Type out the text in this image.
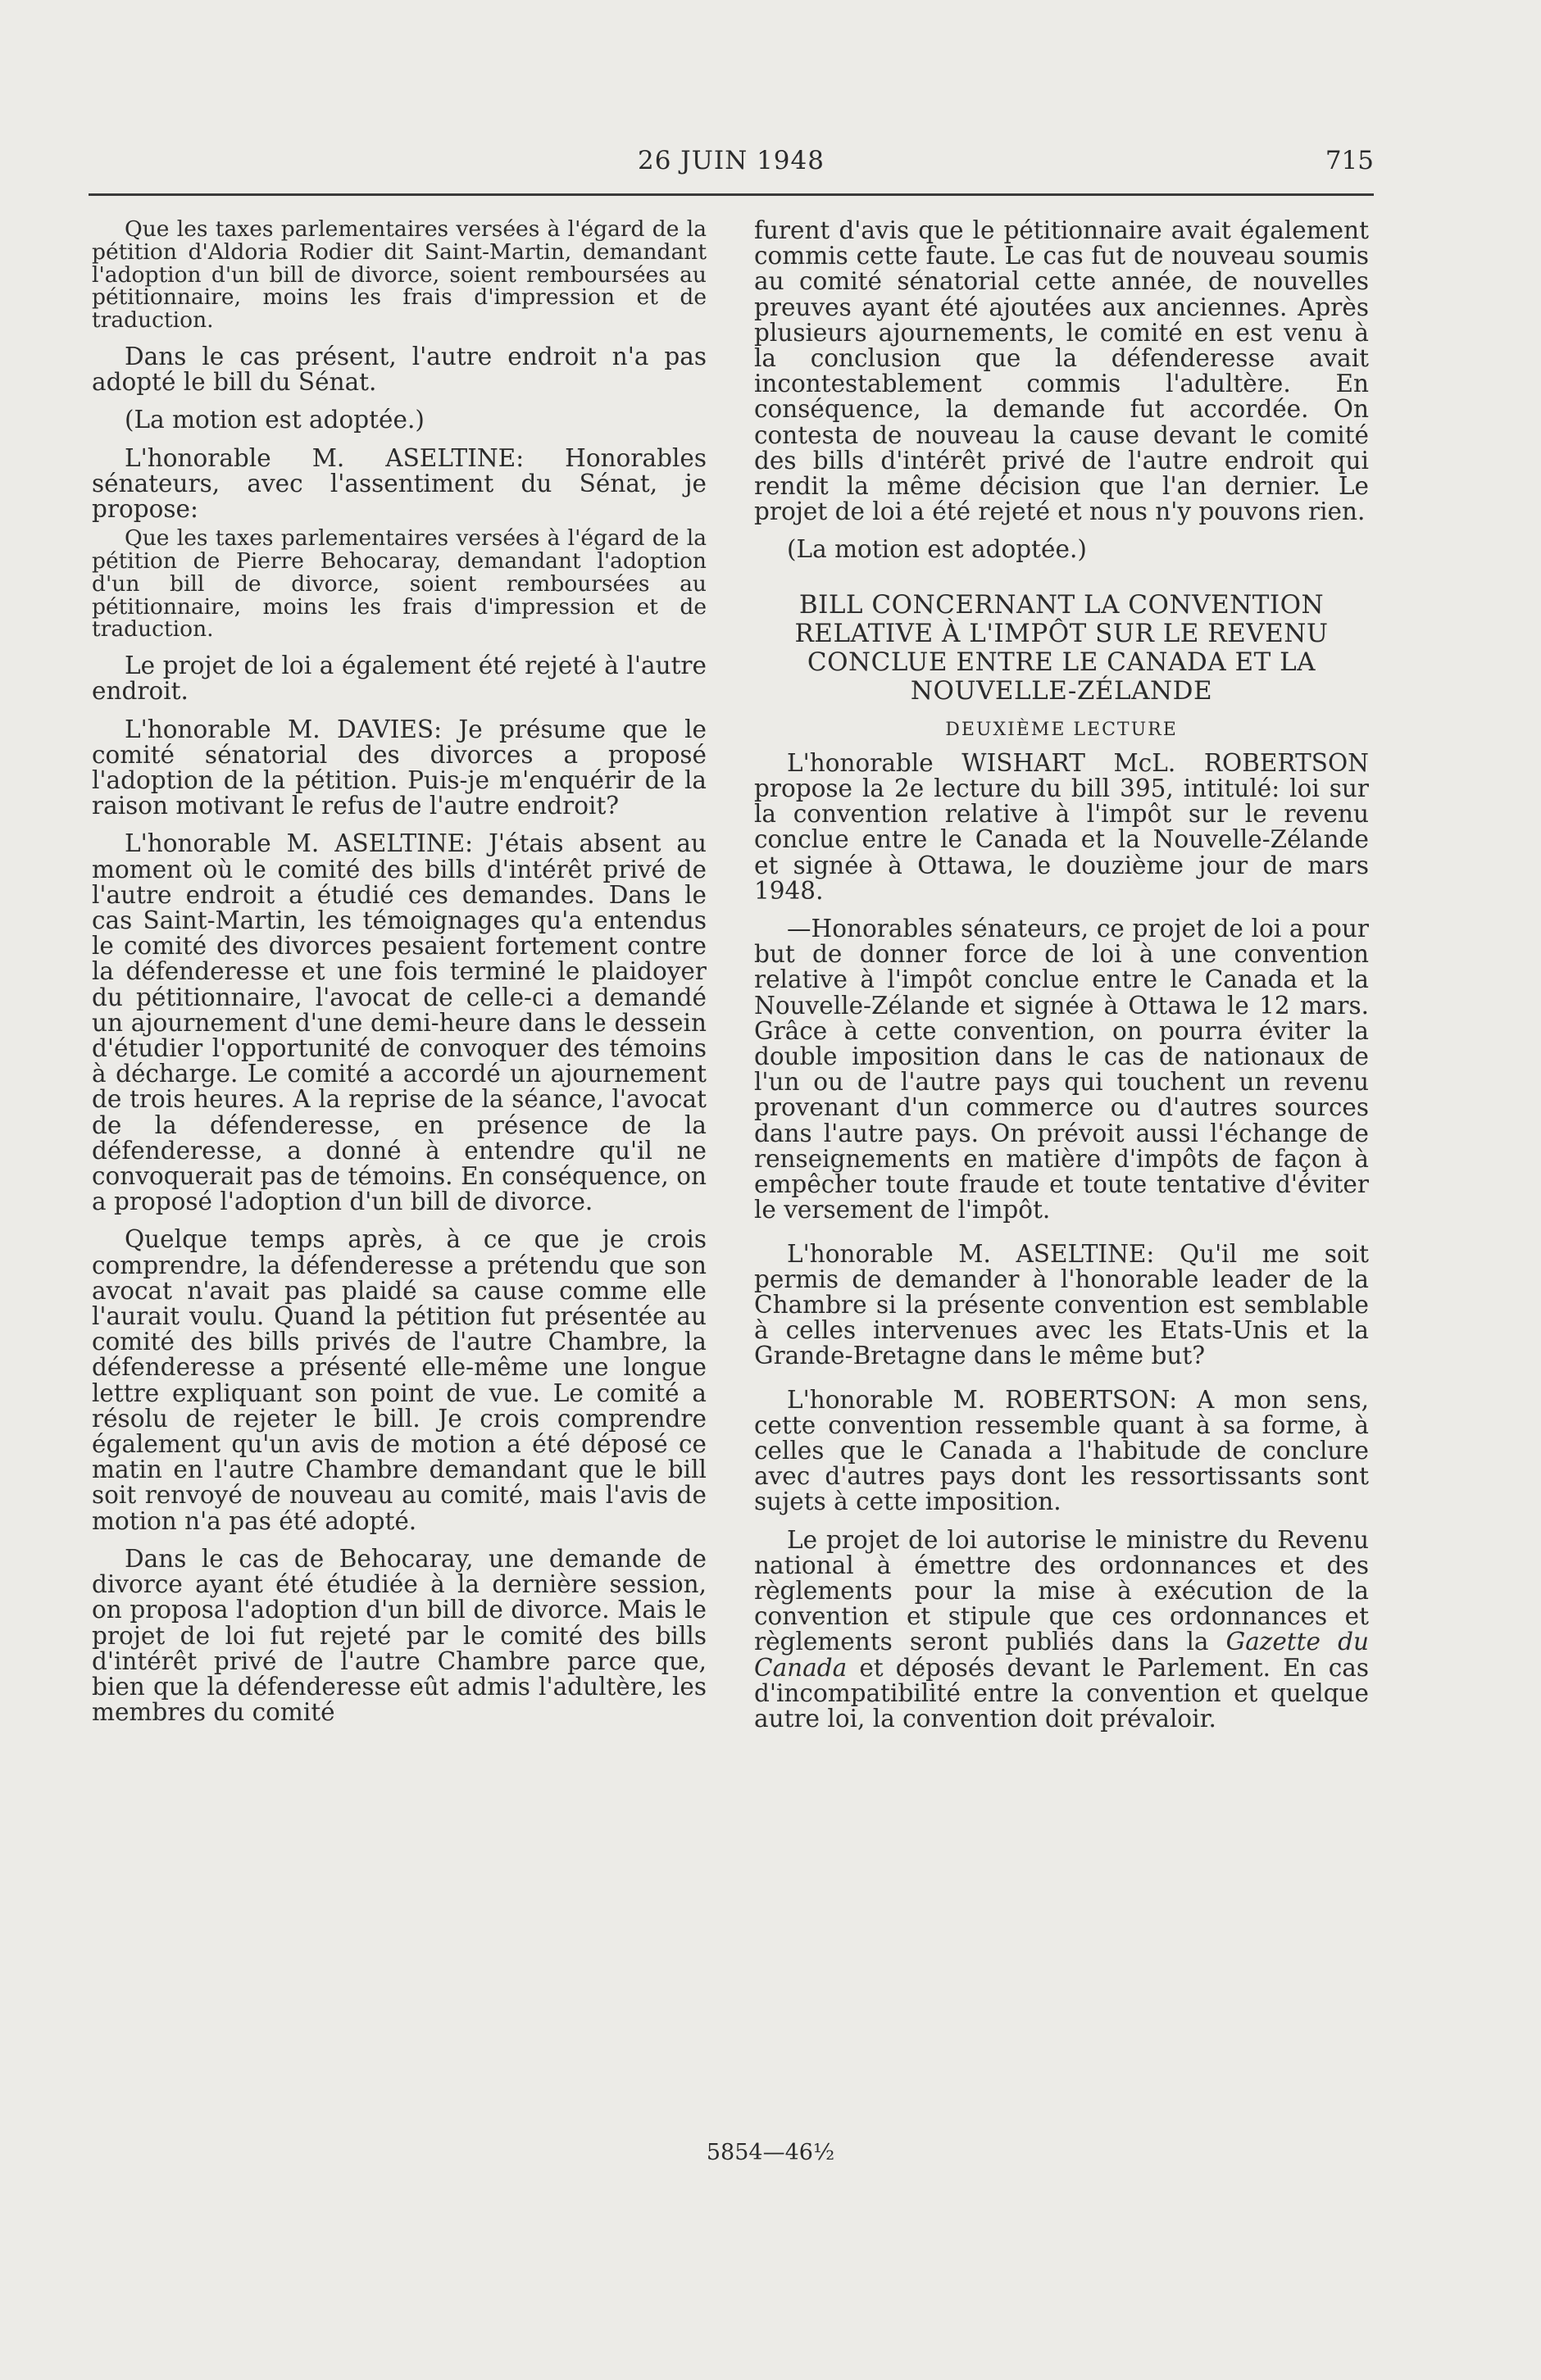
26 JUIN 1948	715

Que les taxes parlementaires versées à l'égard de la pétition d'Aldoria Rodier dit Saint-Martin, demandant l'adoption d'un bill de divorce, soient remboursées au pétitionnaire, moins les frais d'impression et de traduction.

Dans le cas présent, l'autre endroit n'a pas adopté le bill du Sénat.

(La motion est adoptée.)

L'honorable M. ASELTINE: Honorables sénateurs, avec l'assentiment du Sénat, je propose:

Que les taxes parlementaires versées à l'égard de la pétition de Pierre Behocaray, demandant l'adoption d'un bill de divorce, soient remboursées au pétitionnaire, moins les frais d'impression et de traduction.

Le projet de loi a également été rejeté à l'autre endroit.

L'honorable M. DAVIES: Je présume que le comité sénatorial des divorces a proposé l'adoption de la pétition. Puis-je m'enquérir de la raison motivant le refus de l'autre endroit?

L'honorable M. ASELTINE: J'étais absent au moment où le comité des bills d'intérêt privé de l'autre endroit a étudié ces demandes. Dans le cas Saint-Martin, les témoignages qu'a entendus le comité des divorces pesaient fortement contre la défenderesse et une fois terminé le plaidoyer du pétitionnaire, l'avocat de celle-ci a demandé un ajournement d'une demi-heure dans le dessein d'étudier l'opportunité de convoquer des témoins à décharge. Le comité a accordé un ajournement de trois heures. A la reprise de la séance, l'avocat de la défenderesse, en présence de la défenderesse, a donné à entendre qu'il ne convoquerait pas de témoins. En conséquence, on a proposé l'adoption d'un bill de divorce.

Quelque temps après, à ce que je crois comprendre, la défenderesse a prétendu que son avocat n'avait pas plaidé sa cause comme elle l'aurait voulu. Quand la pétition fut présentée au comité des bills privés de l'autre Chambre, la défenderesse a présenté elle-même une longue lettre expliquant son point de vue. Le comité a résolu de rejeter le bill. Je crois comprendre également qu'un avis de motion a été déposé ce matin en l'autre Chambre demandant que le bill soit renvoyé de nouveau au comité, mais l'avis de motion n'a pas été adopté.

Dans le cas de Behocaray, une demande de divorce ayant été étudiée à la dernière session, on proposa l'adoption d'un bill de divorce. Mais le projet de loi fut rejeté par le comité des bills d'intérêt privé de l'autre Chambre parce que, bien que la défenderesse eût admis l'adultère, les membres du comité

furent d'avis que le pétitionnaire avait également commis cette faute. Le cas fut de nouveau soumis au comité sénatorial cette année, de nouvelles preuves ayant été ajoutées aux anciennes. Après plusieurs ajournements, le comité en est venu à la conclusion que la défenderesse avait incontestablement commis l'adultère. En conséquence, la demande fut accordée. On contesta de nouveau la cause devant le comité des bills d'intérêt privé de l'autre endroit qui rendit la même décision que l'an dernier. Le projet de loi a été rejeté et nous n'y pouvons rien.

(La motion est adoptée.)

BILL CONCERNANT LA CONVENTION
RELATIVE À L'IMPÔT SUR LE REVENU
CONCLUE ENTRE LE CANADA ET LA
NOUVELLE-ZÉLANDE
DEUXIÈME LECTURE

L'honorable WISHART McL. ROBERTSON propose la 2e lecture du bill 395, intitulé: loi sur la convention relative à l'impôt sur le revenu conclue entre le Canada et la Nouvelle-Zélande et signée à Ottawa, le douzième jour de mars 1948.

—Honorables sénateurs, ce projet de loi a pour but de donner force de loi à une convention relative à l'impôt conclue entre le Canada et la Nouvelle-Zélande et signée à Ottawa le 12 mars. Grâce à cette convention, on pourra éviter la double imposition dans le cas de nationaux de l'un ou de l'autre pays qui touchent un revenu provenant d'un commerce ou d'autres sources dans l'autre pays. On prévoit aussi l'échange de renseignements en matière d'impôts de façon à empêcher toute fraude et toute tentative d'éviter le versement de l'impôt.

L'honorable M. ASELTINE: Qu'il me soit permis de demander à l'honorable leader de la Chambre si la présente convention est semblable à celles intervenues avec les Etats-Unis et la Grande-Bretagne dans le même but?

L'honorable M. ROBERTSON: A mon sens, cette convention ressemble quant à sa forme, à celles que le Canada a l'habitude de conclure avec d'autres pays dont les ressortissants sont sujets à cette imposition.

Le projet de loi autorise le ministre du Revenu national à émettre des ordonnances et des règlements pour la mise à exécution de la convention et stipule que ces ordonnances et règlements seront publiés dans la Gazette du Canada et déposés devant le Parlement. En cas d'incompatibilité entre la convention et quelque autre loi, la convention doit prévaloir.

5854—46½
